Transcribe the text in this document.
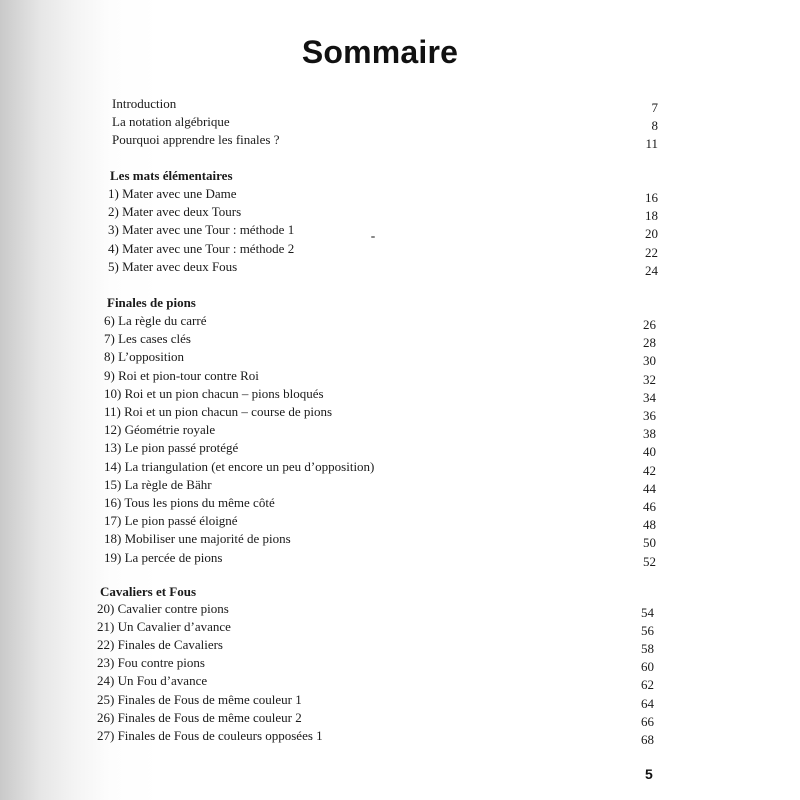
Sommaire
Introduction	7
La notation algébrique	8
Pourquoi apprendre les finales ?	11
Les mats élémentaires
1) Mater avec une Dame	16
2) Mater avec deux Tours	18
3) Mater avec une Tour : méthode 1	20
4) Mater avec une Tour : méthode 2	22
5) Mater avec deux Fous	24
Finales de pions
6) La règle du carré	26
7) Les cases clés	28
8) L’opposition	30
9) Roi et pion-tour contre Roi	32
10) Roi et un pion chacun – pions bloqués	34
11) Roi et un pion chacun – course de pions	36
12) Géométrie royale	38
13) Le pion passé protégé	40
14) La triangulation (et encore un peu d’opposition)	42
15) La règle de Bähr	44
16) Tous les pions du même côté	46
17) Le pion passé éloigné	48
18) Mobiliser une majorité de pions	50
19) La percée de pions	52
Cavaliers et Fous
20) Cavalier contre pions	54
21) Un Cavalier d’avance	56
22) Finales de Cavaliers	58
23) Fou contre pions	60
24) Un Fou d’avance	62
25) Finales de Fous de même couleur 1	64
26) Finales de Fous de même couleur 2	66
27) Finales de Fous de couleurs opposées 1	68
5
